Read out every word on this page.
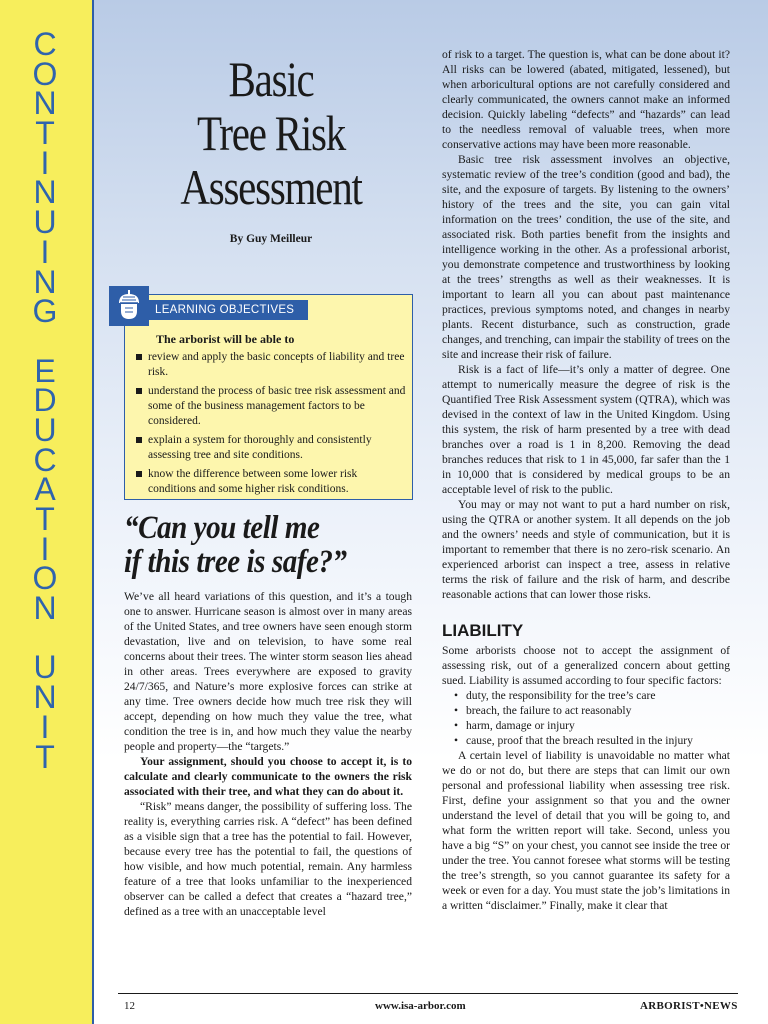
C
O
N
T
I
N
U
I
N
G
E
D
U
C
A
T
I
O
N
U
N
I
T
Basic
Tree Risk
Assessment
By Guy Meilleur
LEARNING OBJECTIVES
The arborist will be able to
review and apply the basic concepts of liability and tree risk.
understand the process of basic tree risk assessment and some of the business management factors to be considered.
explain a system for thoroughly and consistently assessing tree and site conditions.
know the difference between some lower risk conditions and some higher risk conditions.
“Can you tell me
if this tree is safe?”

We’ve all heard variations of this question, and it’s a tough one to answer. Hurricane season is almost over in many areas of the United States, and tree owners have seen enough storm devastation, live and on television, to have some real concerns about their trees. The winter storm season lies ahead in other areas. Trees everywhere are exposed to gravity 24/7/365, and Nature’s more explosive forces can strike at any time. Tree owners decide how much tree risk they will accept, depending on how much they value the tree, what condition the tree is in, and how much they value the nearby people and property—the “targets.”

Your assignment, should you choose to accept it, is to calculate and clearly communicate to the owners the risk associated with their tree, and what they can do about it.

“Risk” means danger, the possibility of suffering loss. The reality is, everything carries risk. A “defect” has been defined as a visible sign that a tree has the potential to fail. However, because every tree has the potential to fail, the questions of how visible, and how much potential, remain. Any harmless feature of a tree that looks unfamiliar to the inexperienced observer can be called a defect that creates a “hazard tree,” defined as a tree with an unacceptable level

of risk to a target. The question is, what can be done about it? All risks can be lowered (abated, mitigated, lessened), but when arboricultural options are not carefully considered and clearly communicated, the owners cannot make an informed decision. Quickly labeling “defects” and “hazards” can lead to the needless removal of valuable trees, when more conservative actions may have been more reasonable.

Basic tree risk assessment involves an objective, systematic review of the tree’s condition (good and bad), the site, and the exposure of targets. By listening to the owners’ history of the trees and the site, you can gain vital information on the trees’ condition, the use of the site, and associated risk. Both parties benefit from the insights and intelligence working in the other. As a professional arborist, you demonstrate competence and trustworthiness by looking at the trees’ strengths as well as their weaknesses. It is important to learn all you can about past maintenance practices, previous symptoms noted, and changes in nearby plants. Recent disturbance, such as construction, grade changes, and trenching, can impair the stability of trees on the site and increase their risk of failure.

Risk is a fact of life—it’s only a matter of degree. One attempt to numerically measure the degree of risk is the Quantified Tree Risk Assessment system (QTRA), which was devised in the context of law in the United Kingdom. Using this system, the risk of harm presented by a tree with dead branches over a road is 1 in 8,200. Removing the dead branches reduces that risk to 1 in 45,000, far safer than the 1 in 10,000 that is considered by medical groups to be an acceptable level of risk to the public.

You may or may not want to put a hard number on risk, using the QTRA or another system. It all depends on the job and the owners’ needs and style of communication, but it is important to remember that there is no zero-risk scenario. An experienced arborist can inspect a tree, assess in relative terms the risk of failure and the risk of harm, and describe reasonable actions that can lower those risks.

LIABILITY

Some arborists choose not to accept the assignment of assessing risk, out of a generalized concern about getting sued. Liability is assumed according to four specific factors:

• duty, the responsibility for the tree’s care
• breach, the failure to act reasonably
• harm, damage or injury
• cause, proof that the breach resulted in the injury

A certain level of liability is unavoidable no matter what we do or not do, but there are steps that can limit our own personal and professional liability when assessing tree risk. First, define your assignment so that you and the owner understand the level of detail that you will be going to, and what form the written report will take. Second, unless you have a big “S” on your chest, you cannot see inside the tree or under the tree. You cannot foresee what storms will be testing the tree’s strength, so you cannot guarantee its safety for a week or even for a day. You must state the job’s limitations in a written “disclaimer.” Finally, make it clear that

12	www.isa-arbor.com	ARBORIST•NEWS
